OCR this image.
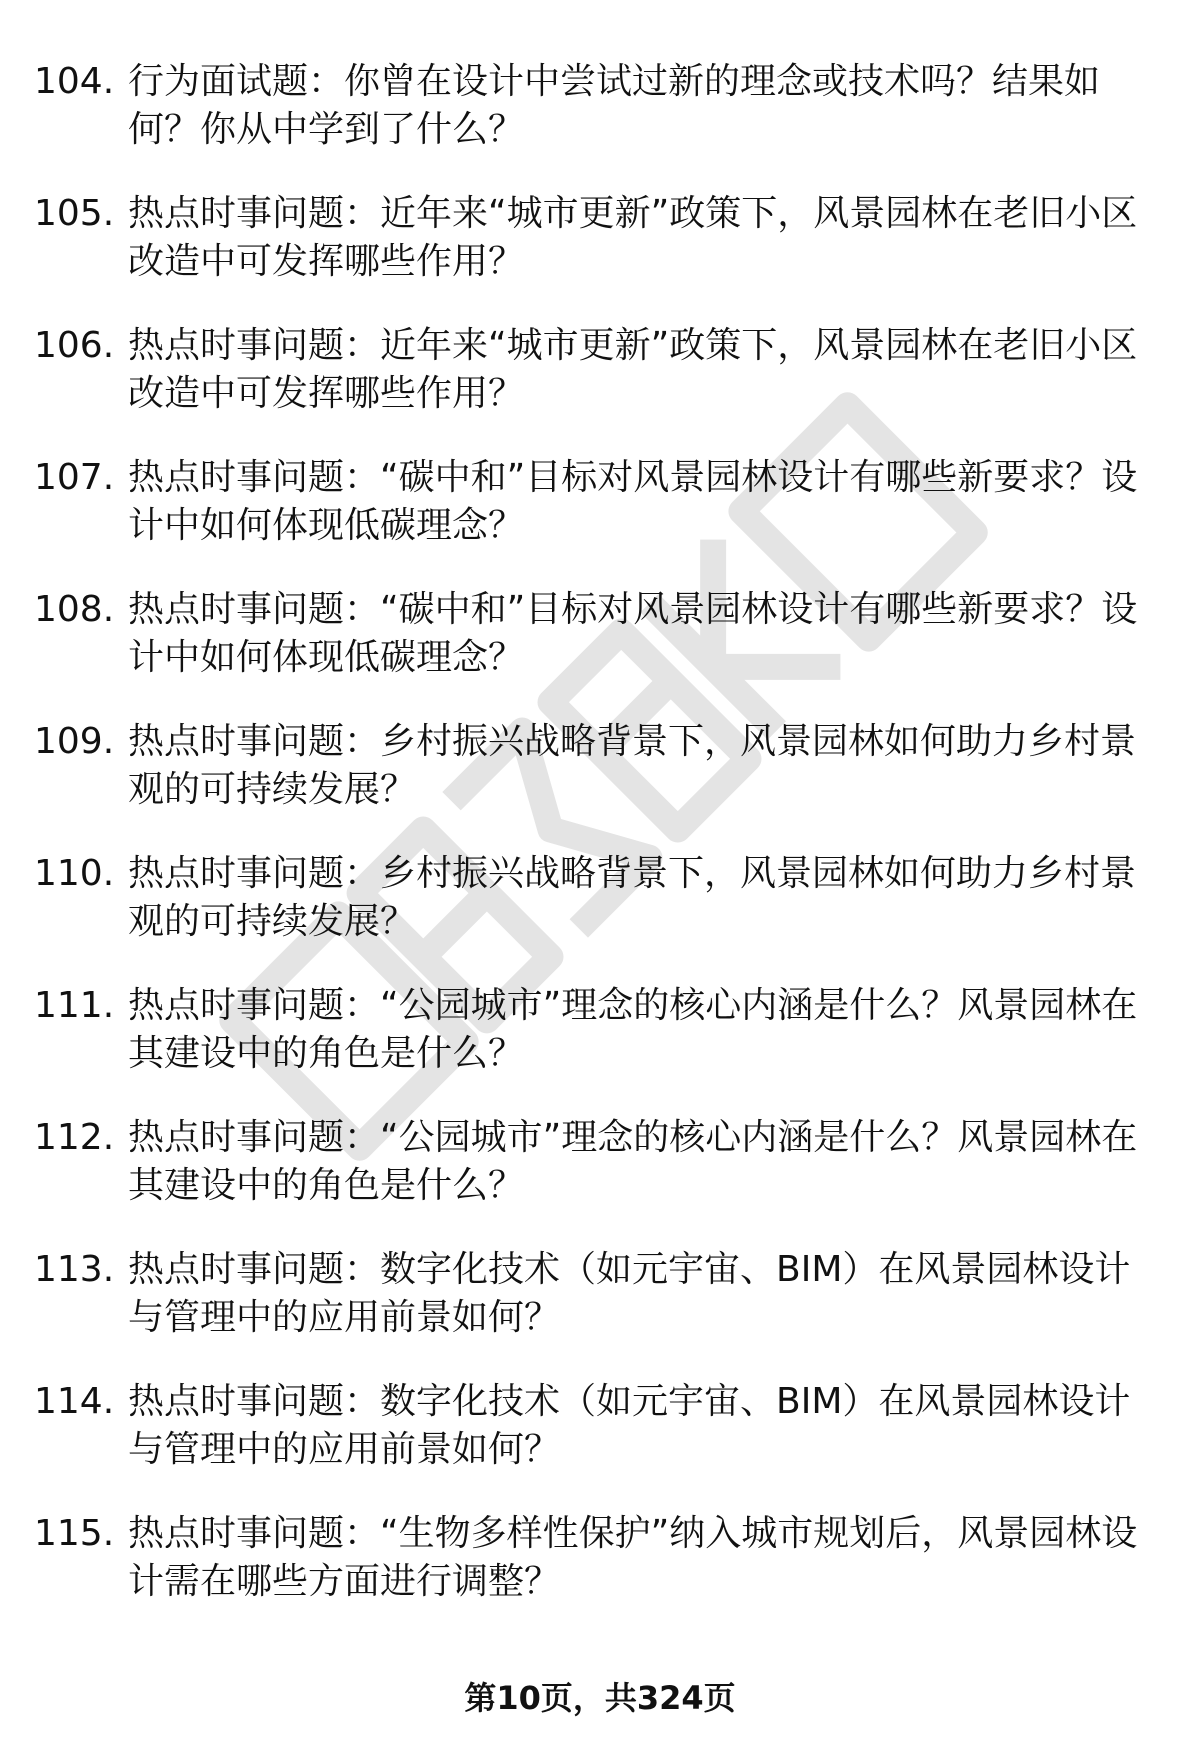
104. 行为面试题：你曾在设计中尝试过新的理念或技术吗？结果如何？你从中学到了什么？
105. 热点时事问题：近年来“城市更新”政策下，风景园林在老旧小区改造中可发挥哪些作用？
106. 热点时事问题：近年来“城市更新”政策下，风景园林在老旧小区改造中可发挥哪些作用？
107. 热点时事问题：“碳中和”目标对风景园林设计有哪些新要求？设计中如何体现低碳理念？
108. 热点时事问题：“碳中和”目标对风景园林设计有哪些新要求？设计中如何体现低碳理念？
109. 热点时事问题：乡村振兴战略背景下，风景园林如何助力乡村景观的可持续发展？
110. 热点时事问题：乡村振兴战略背景下，风景园林如何助力乡村景观的可持续发展？
111. 热点时事问题：“公园城市”理念的核心内涵是什么？风景园林在其建设中的角色是什么？
112. 热点时事问题：“公园城市”理念的核心内涵是什么？风景园林在其建设中的角色是什么？
113. 热点时事问题：数字化技术（如元宇宙、BIM）在风景园林设计与管理中的应用前景如何？
114. 热点时事问题：数字化技术（如元宇宙、BIM）在风景园林设计与管理中的应用前景如何？
115. 热点时事问题：“生物多样性保护”纳入城市规划后，风景园林设计需在哪些方面进行调整？
第10页，共324页
